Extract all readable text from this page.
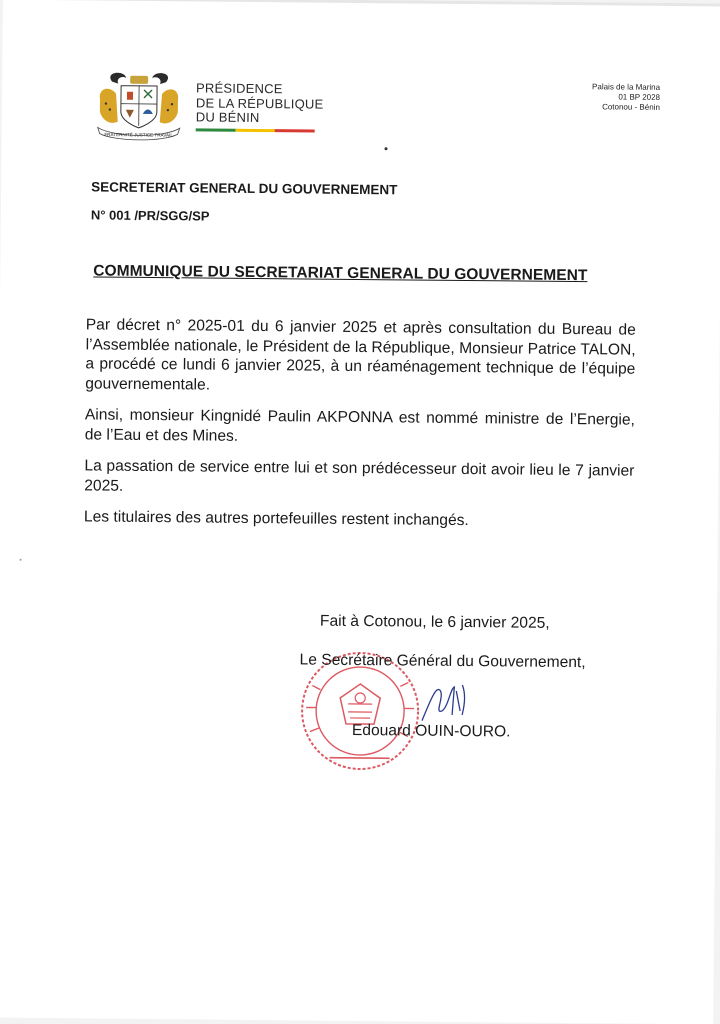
FRATERNITÉ JUSTICE TRAVAIL
PRÉSIDENCE
DE LA RÉPUBLIQUE
DU BÉNIN
Palais de la Marina
01 BP 2028
Cotonou - Bénin
SECRETERIAT GENERAL DU GOUVERNEMENT
N° 001 /PR/SGG/SP
COMMUNIQUE DU SECRETARIAT GENERAL DU GOUVERNEMENT

Par décret n° 2025-01 du 6 janvier 2025 et après consultation du Bureau de l’Assemblée nationale, le Président de la République, Monsieur Patrice TALON, a procédé ce lundi 6 janvier 2025, à un réaménagement technique de l’équipe gouvernementale.

Ainsi, monsieur Kingnidé Paulin AKPONNA est nommé ministre de l’Energie, de l’Eau et des Mines.

La passation de service entre lui et son prédécesseur doit avoir lieu le 7 janvier 2025.

Les titulaires des autres portefeuilles restent inchangés.

Fait à Cotonou, le 6 janvier 2025,
Le Secrétaire Général du Gouvernement,
Edouard OUIN-OURO.
